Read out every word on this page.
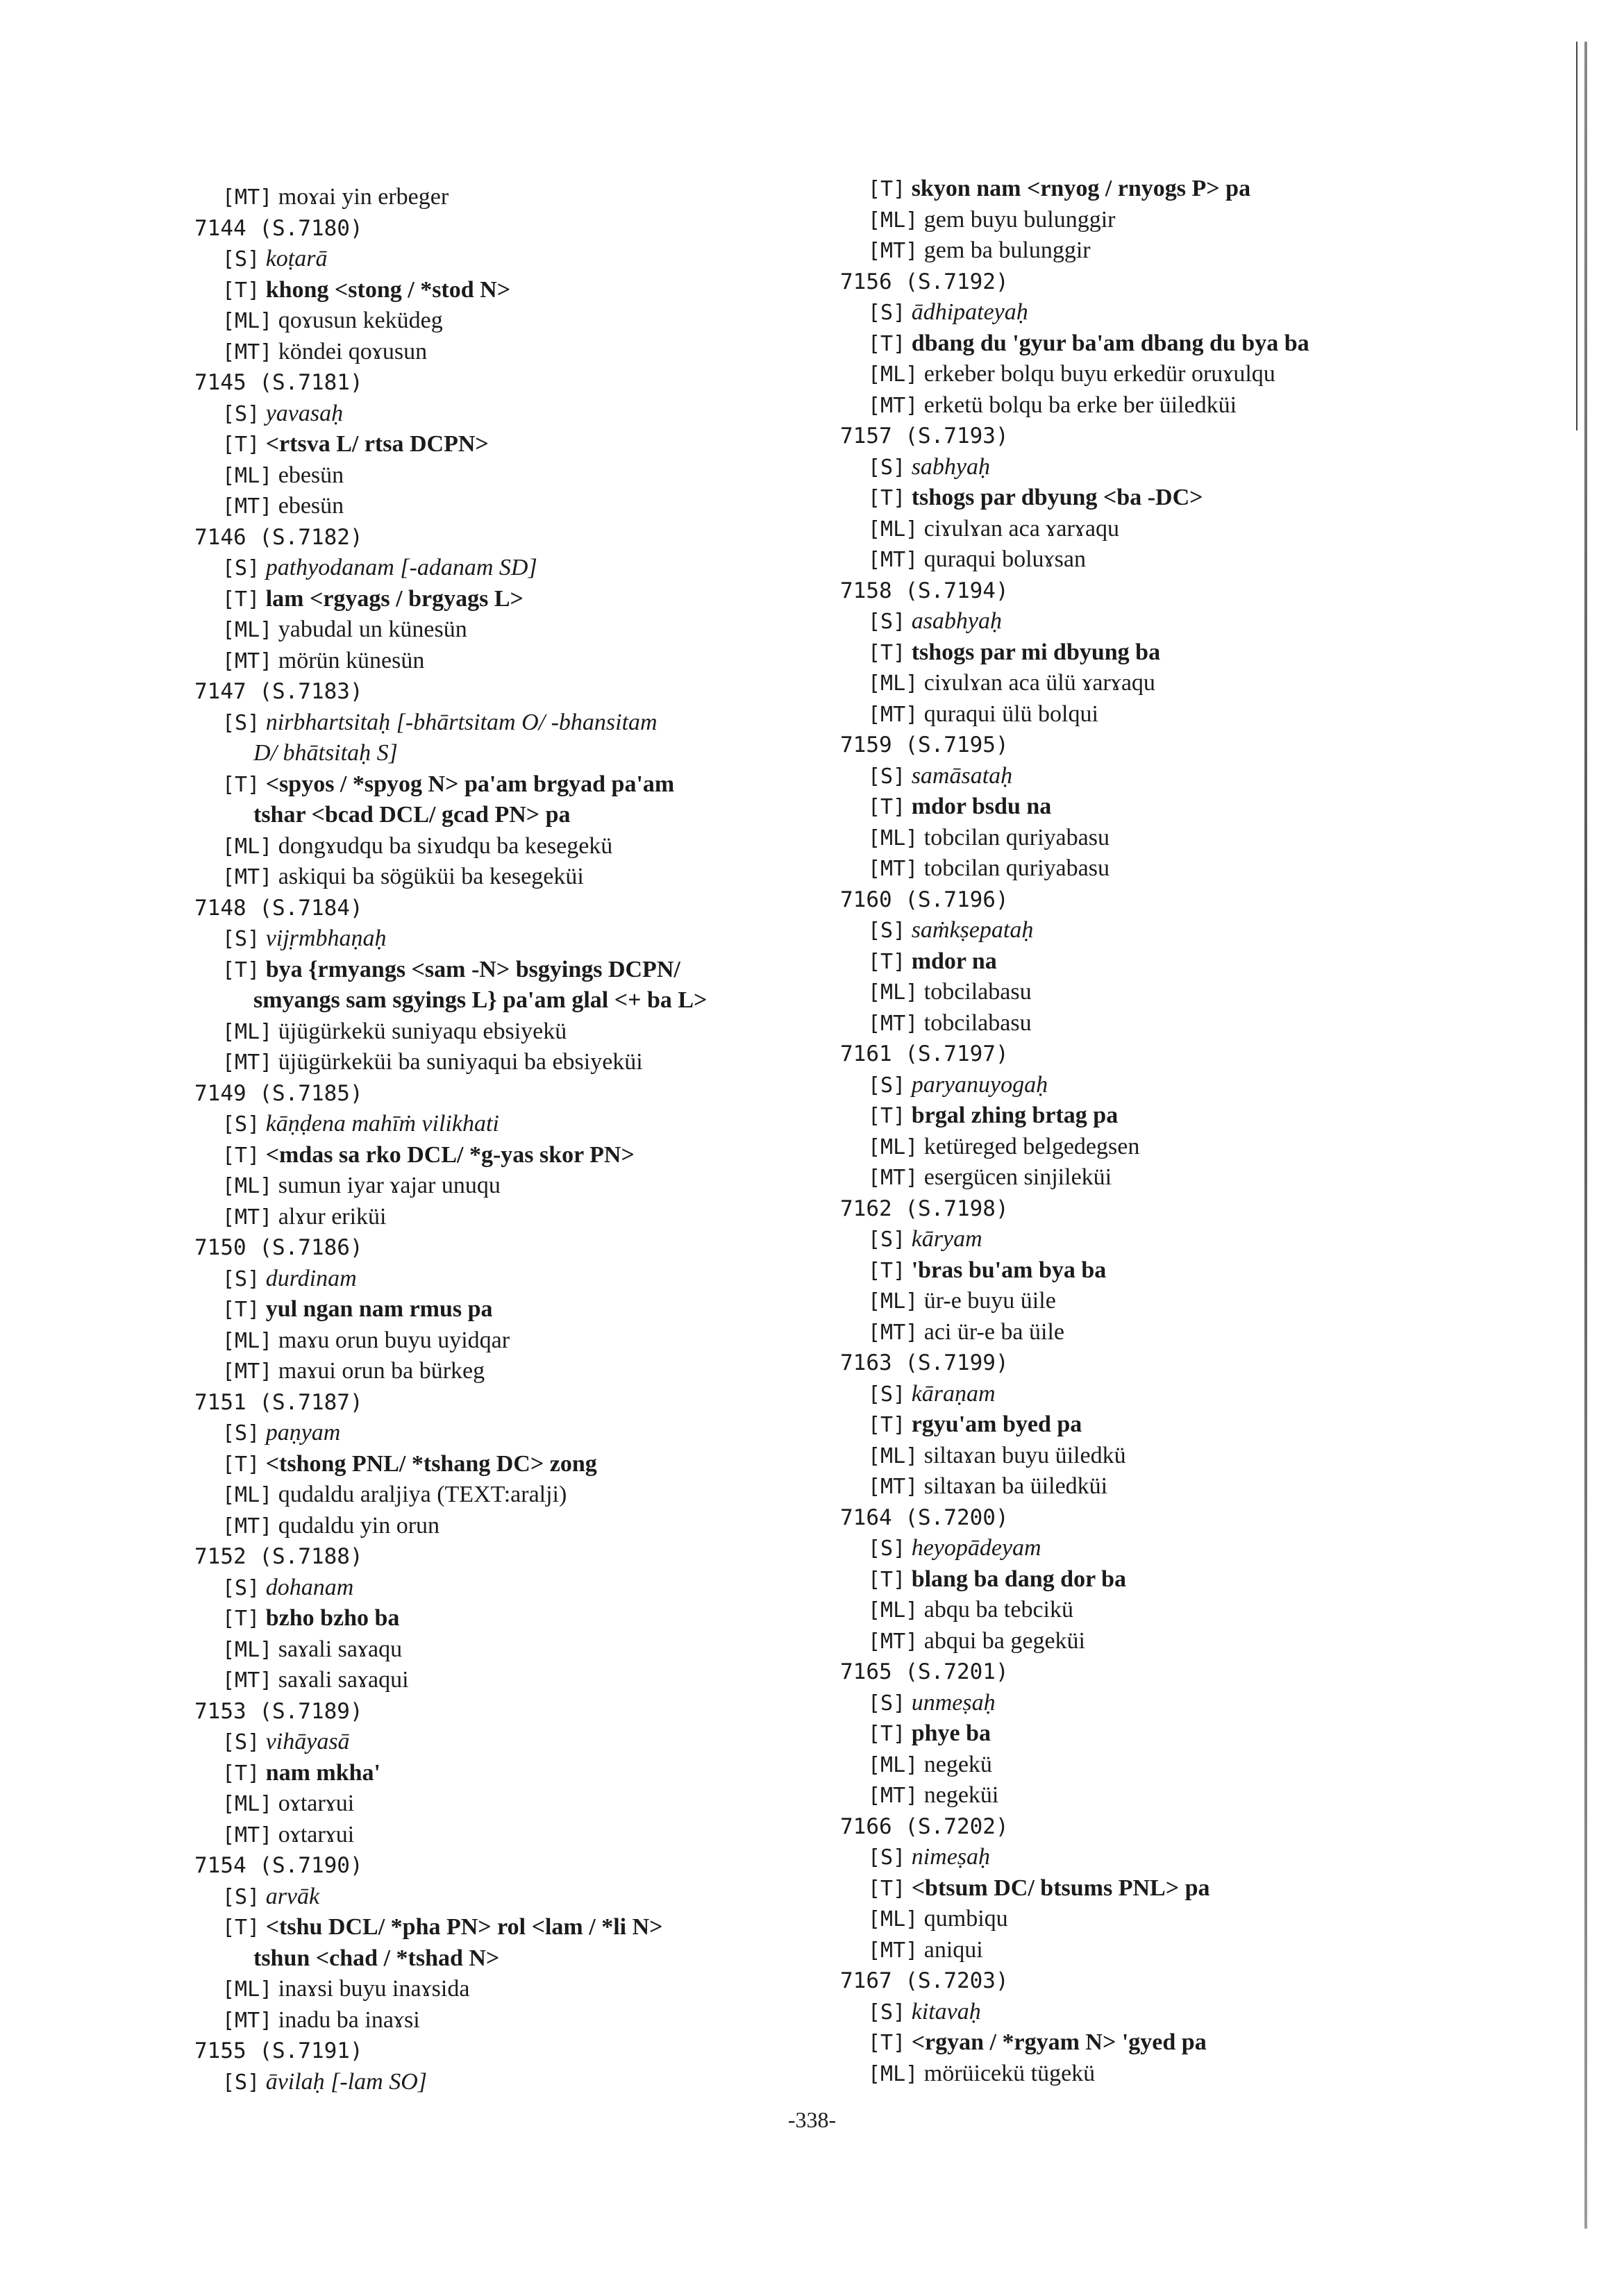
[MT] moɤai yin erbeger
7144 (S.7180)
[S] koṭarā
[T] khong <stong / *stod N>
[ML] qoɤusun keküdeg
[MT] köndei qoɤusun
7145 (S.7181)
[S] yavasaḥ
[T] <rtsva L/ rtsa DCPN>
[ML] ebesün
[MT] ebesün
7146 (S.7182)
[S] pathyodanam [-adanam SD]
[T] lam <rgyags / brgyags L>
[ML] yabudal un künesün
[MT] mörün künesün
7147 (S.7183)
[S] nirbhartsitaḥ [-bhārtsitam O/ -bhansitam
D/ bhātsitaḥ S]
[T] <spyos / *spyog N> pa'am brgyad pa'am
tshar <bcad DCL/ gcad PN> pa
[ML] dongɤudqu ba siɤudqu ba kesegekü
[MT] askiqui ba sögüküi ba kesegeküi
7148 (S.7184)
[S] vijṛmbhaṇaḥ
[T] bya {rmyangs <sam -N> bsgyings DCPN/
smyangs sam sgyings L} pa'am glal <+ ba L>
[ML] üjügürkekü suniyaqu ebsiyekü
[MT] üjügürkeküi ba suniyaqui ba ebsiyeküi
7149 (S.7185)
[S] kāṇḍena mahīṁ vilikhati
[T] <mdas sa rko DCL/ *g-yas skor PN>
[ML] sumun iyar ɤajar unuqu
[MT] alɤur eriküi
7150 (S.7186)
[S] durdinam
[T] yul ngan nam rmus pa
[ML] maɤu orun buyu uyidqar
[MT] maɤui orun ba bürkeg
7151 (S.7187)
[S] paṇyam
[T] <tshong PNL/ *tshang DC> zong
[ML] qudaldu araljiya (TEXT:aralji)
[MT] qudaldu yin orun
7152 (S.7188)
[S] dohanam
[T] bzho bzho ba
[ML] saɤali saɤaqu
[MT] saɤali saɤaqui
7153 (S.7189)
[S] vihāyasā
[T] nam mkha'
[ML] oɤtarɤui
[MT] oɤtarɤui
7154 (S.7190)
[S] arvāk
[T] <tshu DCL/ *pha PN> rol <lam / *li N>
tshun <chad / *tshad N>
[ML] inaɤsi buyu inaɤsida
[MT] inadu ba inaɤsi
7155 (S.7191)
[S] āvilaḥ [-lam SO]
[T] skyon nam <rnyog / rnyogs P> pa
[ML] gem buyu bulunggir
[MT] gem ba bulunggir
7156 (S.7192)
[S] ādhipateyaḥ
[T] dbang du 'gyur ba'am dbang du bya ba
[ML] erkeber bolqu buyu erkedür oruɤulqu
[MT] erketü bolqu ba erke ber üiledküi
7157 (S.7193)
[S] sabhyaḥ
[T] tshogs par dbyung <ba -DC>
[ML] ciɤulɤan aca ɤarɤaqu
[MT] quraqui boluɤsan
7158 (S.7194)
[S] asabhyaḥ
[T] tshogs par mi dbyung ba
[ML] ciɤulɤan aca ülü ɤarɤaqu
[MT] quraqui ülü bolqui
7159 (S.7195)
[S] samāsataḥ
[T] mdor bsdu na
[ML] tobcilan quriyabasu
[MT] tobcilan quriyabasu
7160 (S.7196)
[S] saṁkṣepataḥ
[T] mdor na
[ML] tobcilabasu
[MT] tobcilabasu
7161 (S.7197)
[S] paryanuyogaḥ
[T] brgal zhing brtag pa
[ML] ketüreged belgedegsen
[MT] esergücen sinjileküi
7162 (S.7198)
[S] kāryam
[T] 'bras bu'am bya ba
[ML] ür-e buyu üile
[MT] aci ür-e ba üile
7163 (S.7199)
[S] kāraṇam
[T] rgyu'am byed pa
[ML] siltaɤan buyu üiledkü
[MT] siltaɤan ba üiledküi
7164 (S.7200)
[S] heyopādeyam
[T] blang ba dang dor ba
[ML] abqu ba tebcikü
[MT] abqui ba gegeküi
7165 (S.7201)
[S] unmeṣaḥ
[T] phye ba
[ML] negekü
[MT] negeküi
7166 (S.7202)
[S] nimeṣaḥ
[T] <btsum DC/ btsums PNL> pa
[ML] qumbiqu
[MT] aniqui
7167 (S.7203)
[S] kitavaḥ
[T] <rgyan / *rgyam N> 'gyed pa
[ML] mörüicekü tügekü
-338-
